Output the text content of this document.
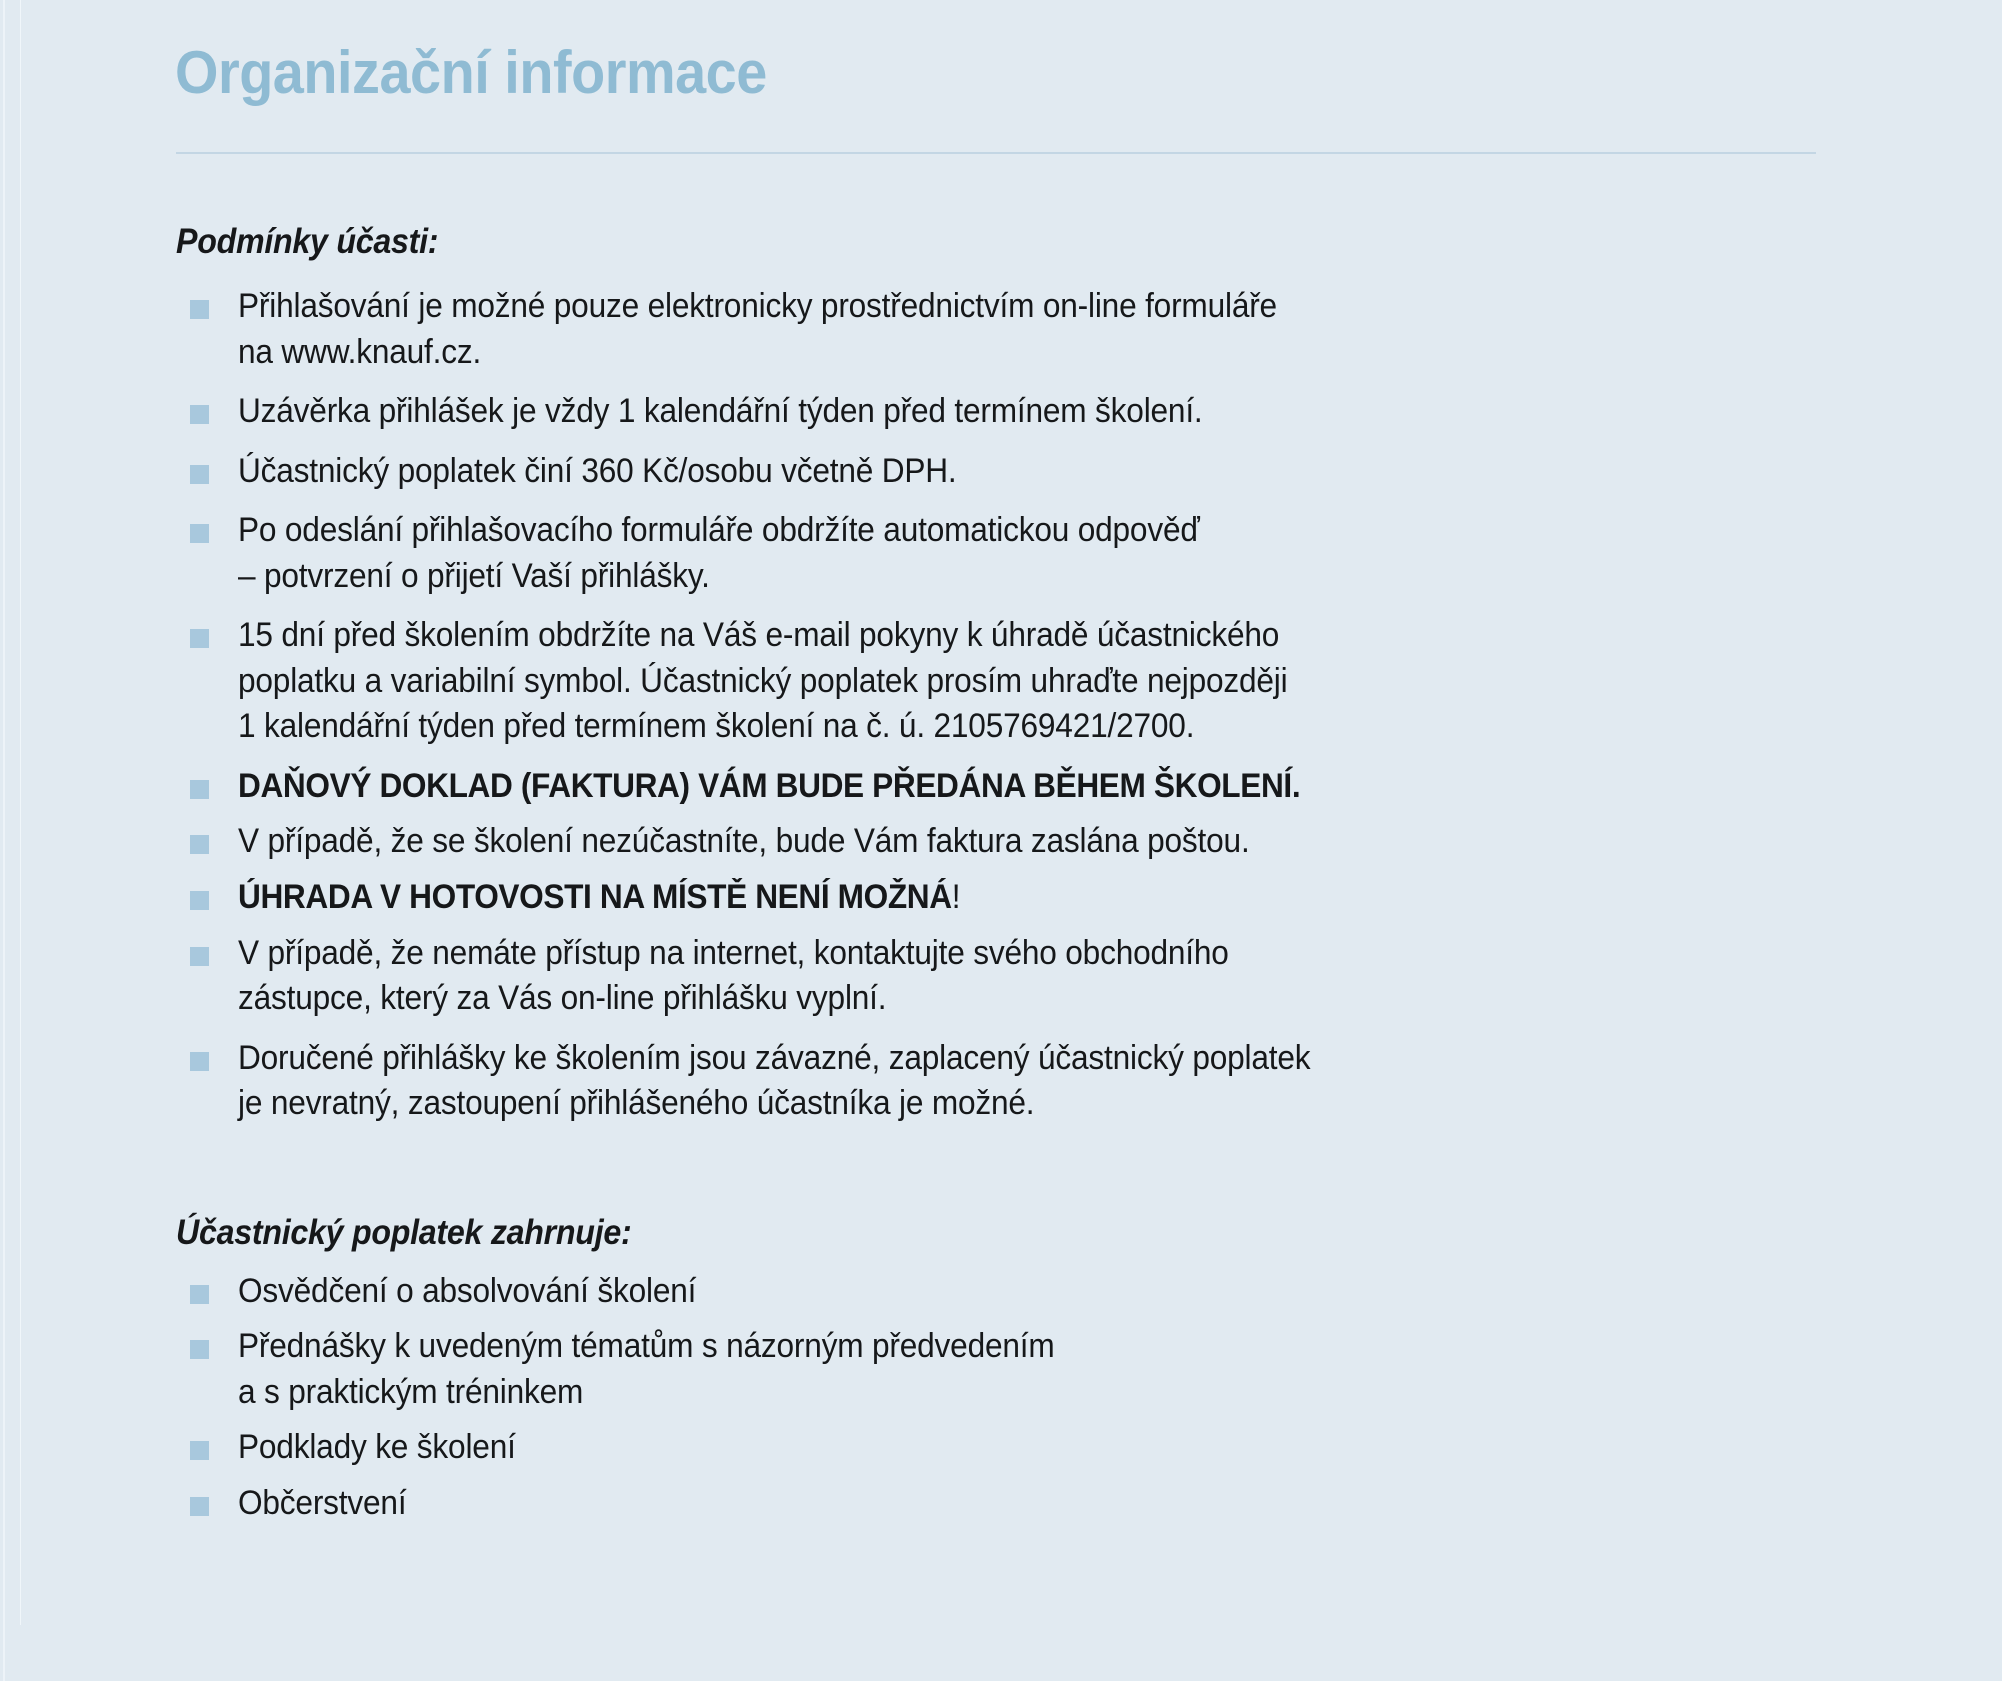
Organizační informace
Podmínky účasti:
Přihlašování je možné pouze elektronicky prostřednictvím on-line formuláře
na www.knauf.cz.
Uzávěrka přihlášek je vždy 1 kalendářní týden před termínem školení.
Účastnický poplatek činí 360 Kč/osobu včetně DPH.
Po odeslání přihlašovacího formuláře obdržíte automatickou odpověď
– potvrzení o přijetí Vaší přihlášky.
15 dní před školením obdržíte na Váš e-mail pokyny k úhradě účastnického
poplatku a variabilní symbol. Účastnický poplatek prosím uhraďte nejpozději
1 kalendářní týden před termínem školení na č. ú. 2105769421/2700.
DAŇOVÝ DOKLAD (FAKTURA) VÁM BUDE PŘEDÁNA BĚHEM ŠKOLENÍ.
V případě, že se školení nezúčastníte, bude Vám faktura zaslána poštou.
ÚHRADA V HOTOVOSTI NA MÍSTĚ NENÍ MOŽNÁ!
V případě, že nemáte přístup na internet, kontaktujte svého obchodního
zástupce, který za Vás on-line přihlášku vyplní.
Doručené přihlášky ke školením jsou závazné, zaplacený účastnický poplatek
je nevratný, zastoupení přihlášeného účastníka je možné.
Účastnický poplatek zahrnuje:
Osvědčení o absolvování školení
Přednášky k uvedeným tématům s názorným předvedením
a s praktickým tréninkem
Podklady ke školení
Občerstvení
